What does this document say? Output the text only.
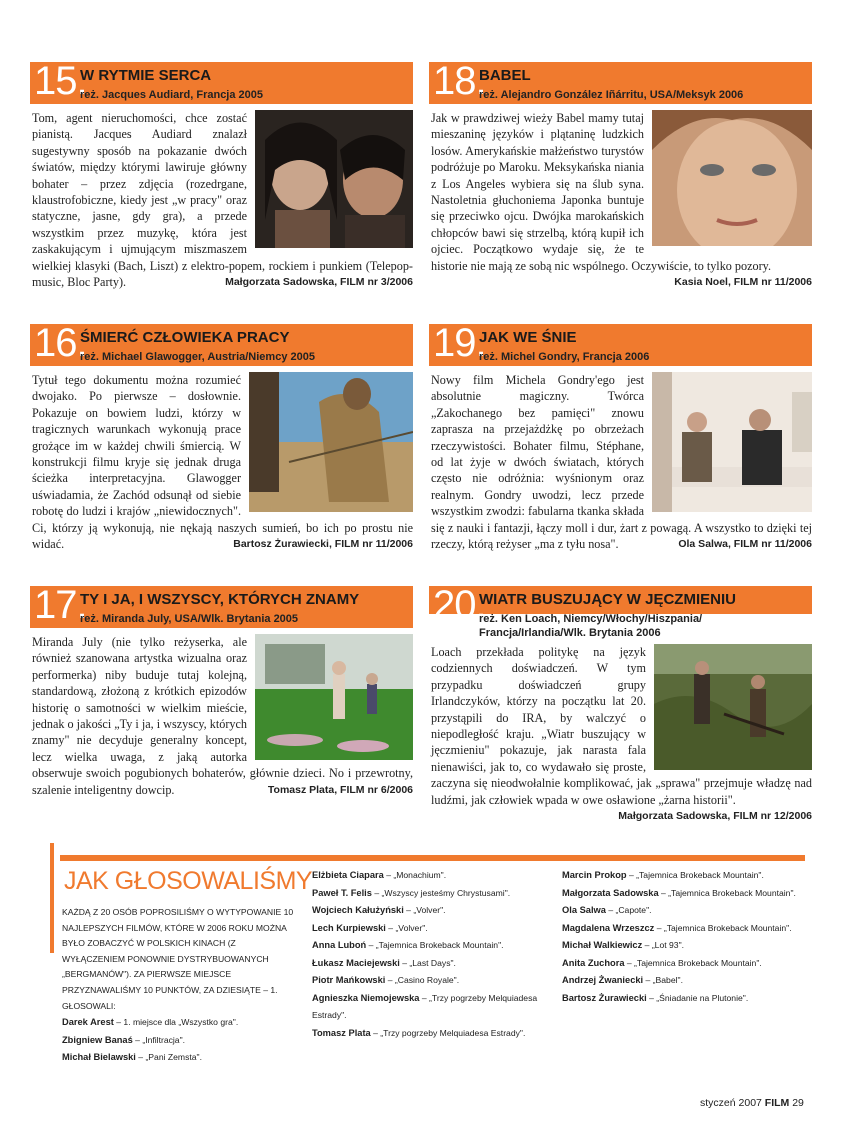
15.
W RYTMIE SERCA
reż. Jacques Audiard, Francja 2005
Tom, agent nieruchomości, chce zostać pianistą. Jacques Audiard znalazł sugestywny sposób na pokazanie dwóch światów, między którymi lawiruje główny bohater – przez zdjęcia (rozedrgane, klaustrofobiczne, kiedy jest „w pracy" oraz statyczne, jasne, gdy gra), a przede wszystkim przez muzykę, która jest zaskakującym i ujmującym miszmaszem wielkiej klasyki (Bach, Liszt) z elektro-popem, rockiem i punkiem (Telepop-music, Bloc Party).	Małgorzata Sadowska, FILM nr 3/2006
16.
ŚMIERĆ CZŁOWIEKA PRACY
reż. Michael Glawogger, Austria/Niemcy 2005
Tytuł tego dokumentu można rozumieć dwojako. Po pierwsze – dosłownie. Pokazuje on bowiem ludzi, którzy w tragicznych warunkach wykonują prace grożące im w każdej chwili śmiercią. W konstrukcji filmu kryje się jednak druga ścieżka interpretacyjna. Glawogger uświadamia, że Zachód odsunął od siebie robotę do ludzi i krajów „niewidocznych". Ci, którzy ją wykonują, nie nękają naszych sumień, bo ich po prostu nie widać.	Bartosz Żurawiecki, FILM nr 11/2006
17.
TY I JA, I WSZYSCY, KTÓRYCH ZNAMY
reż. Miranda July, USA/Wlk. Brytania 2005
Miranda July (nie tylko reżyserka, ale również szanowana artystka wizualna oraz performerka) niby buduje tutaj kolejną, standardową, złożoną z krótkich epizodów historię o samotności w wielkim mieście, jednak o jakości „Ty i ja, i wszyscy, których znamy" nie decyduje generalny koncept, lecz wielka uwaga, z jaką autorka obserwuje swoich pogubionych bohaterów, głównie dzieci. No i przewrotny, szalenie inteligentny dowcip.	Tomasz Plata, FILM nr 6/2006
18.
BABEL
reż. Alejandro González Iñárritu, USA/Meksyk 2006
Jak w prawdziwej wieży Babel mamy tutaj mieszaninę języków i plątaninę ludzkich losów. Amerykańskie małżeństwo turystów podróżuje po Maroku. Meksykańska niania z Los Angeles wybiera się na ślub syna. Nastoletnia głuchoniema Japonka buntuje się przeciwko ojcu. Dwójka marokańskich chłopców bawi się strzelbą, którą kupił ich ojciec. Początkowo wydaje się, że te historie nie mają ze sobą nic wspólnego. Oczywiście, to tylko pozory.
Kasia Noel, FILM nr 11/2006
19.
JAK WE ŚNIE
reż. Michel Gondry, Francja 2006
Nowy film Michela Gondry'ego jest absolutnie magiczny. Twórca „Zakochanego bez pamięci" znowu zaprasza na przejażdżkę po obrzeżach rzeczywistości. Bohater filmu, Stéphane, od lat żyje w dwóch światach, których często nie odróżnia: wyśnionym oraz realnym. Gondry uwodzi, lecz przede wszystkim zwodzi: fabularna tkanka składa się z nauki i fantazji, łączy moll i dur, żart z powagą. A wszystko to dzięki tej rzeczy, którą reżyser „ma z tyłu nosa".	Ola Salwa, FILM nr 11/2006
20.
WIATR BUSZUJĄCY W JĘCZMIENIU
reż. Ken Loach, Niemcy/Włochy/Hiszpania/
Francja/Irlandia/Wlk. Brytania 2006
Loach przekłada politykę na język codziennych doświadczeń. W tym przypadku doświadczeń grupy Irlandczyków, którzy na początku lat 20. przystąpili do IRA, by walczyć o niepodległość kraju. „Wiatr buszujący w jęczmieniu" pokazuje, jak narasta fala nienawiści, jak to, co wydawało się proste, zaczyna się nieodwołalnie komplikować, jak „sprawa" przejmuje władzę nad ludźmi, jak człowiek wpada w owe osławione „żarna historii".
Małgorzata Sadowska, FILM nr 12/2006
JAK GŁOSOWALIŚMY
KAŻDĄ Z 20 OSÓB POPROSILIŚMY O WYTYPOWANIE 10 NAJLEPSZYCH FILMÓW, KTÓRE W 2006 ROKU MOŻNA BYŁO ZOBACZYĆ W POLSKICH KINACH (Z WYŁĄCZENIEM PONOWNIE DYSTRYBUOWANYCH „BERGMANÓW"). ZA PIERWSZE MIEJSCE PRZYZNAWALIŚMY 10 PUNKTÓW, ZA DZIESIĄTE – 1. GŁOSOWALI:
Darek Arest – 1. miejsce dla „Wszystko gra".
Zbigniew Banaś – „Infiltracja".
Michał Bielawski – „Pani Zemsta".
Elżbieta Ciapara – „Monachium".
Paweł T. Felis – „Wszyscy jesteśmy Chrystusami".
Wojciech Kałużyński – „Volver".
Lech Kurpiewski – „Volver".
Anna Luboń – „Tajemnica Brokeback Mountain".
Łukasz Maciejewski – „Last Days".
Piotr Mańkowski – „Casino Royale".
Agnieszka Niemojewska – „Trzy pogrzeby Melquiadesa Estrady".
Tomasz Plata – „Trzy pogrzeby Melquiadesa Estrady".
Marcin Prokop – „Tajemnica Brokeback Mountain".
Małgorzata Sadowska – „Tajemnica Brokeback Mountain".
Ola Salwa – „Capote".
Magdalena Wrzeszcz – „Tajemnica Brokeback Mountain".
Michał Walkiewicz – „Lot 93".
Anita Zuchora – „Tajemnica Brokeback Mountain".
Andrzej Żwaniecki – „Babel".
Bartosz Żurawiecki – „Śniadanie na Plutonie".
styczeń 2007 FILM 29
